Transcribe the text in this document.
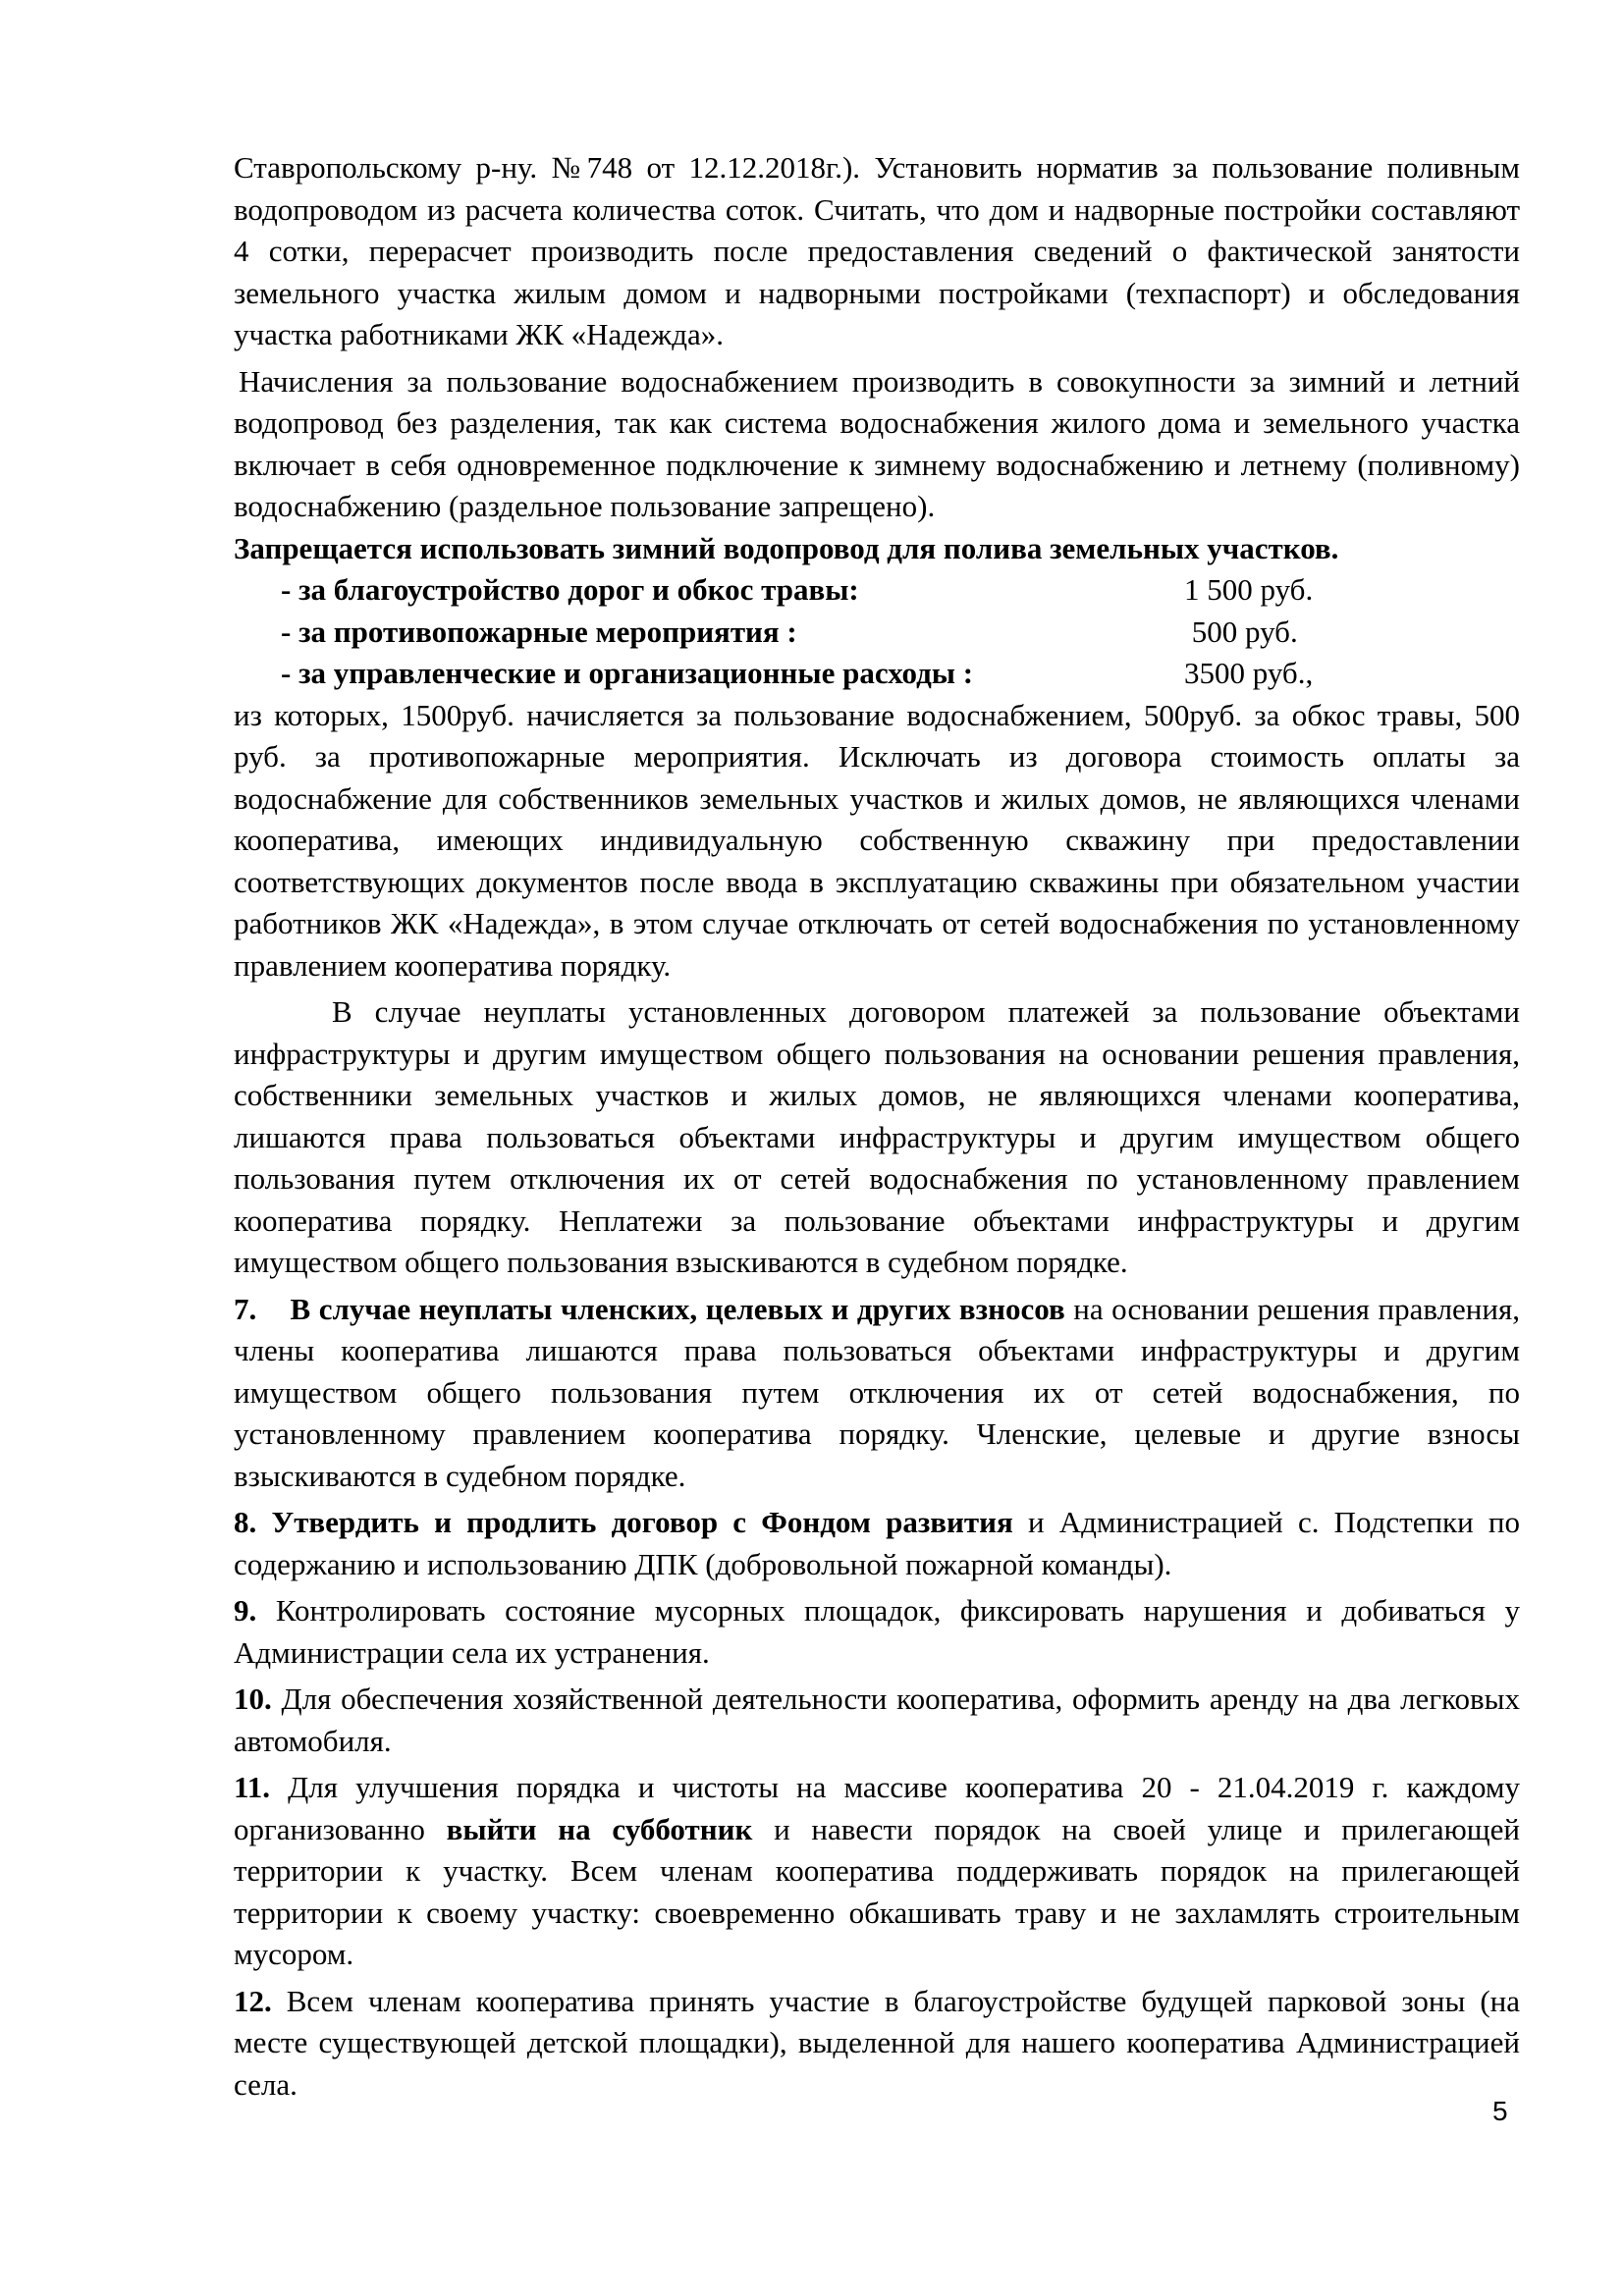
Ставропольскому р-ну. №748 от 12.12.2018г.). Установить норматив за пользование поливным водопроводом из расчета количества соток. Считать, что дом и надворные постройки составляют 4 сотки, перерасчет производить после предоставления сведений о фактической занятости земельного участка жилым домом и надворными постройками (техпаспорт) и обследования участка работниками ЖК «Надежда».

Начисления за пользование водоснабжением производить в совокупности за зимний и летний водопровод без разделения, так как система водоснабжения жилого дома и земельного участка включает в себя одновременное подключение к зимнему водоснабжению и летнему (поливному) водоснабжению (раздельное пользование запрещено).

Запрещается использовать зимний водопровод для полива земельных участков.

- за благоустройство дорог и обкос травы:	1 500 руб.
- за противопожарные мероприятия :	500 руб.
- за управленческие и организационные расходы :	3500 руб.,

из которых, 1500руб. начисляется за пользование водоснабжением, 500руб. за обкос травы, 500 руб. за противопожарные мероприятия. Исключать из договора стоимость оплаты за водоснабжение для собственников земельных участков и жилых домов, не являющихся членами кооператива, имеющих индивидуальную собственную скважину при предоставлении соответствующих документов после ввода в эксплуатацию скважины при обязательном участии работников ЖК «Надежда», в этом случае отключать от сетей водоснабжения по установленному правлением кооператива порядку.

В случае неуплаты установленных договором платежей за пользование объектами инфраструктуры и другим имуществом общего пользования на основании решения правления, собственники земельных участков и жилых домов, не являющихся членами кооператива, лишаются права пользоваться объектами инфраструктуры и другим имуществом общего пользования путем отключения их от сетей водоснабжения по установленному правлением кооператива порядку. Неплатежи за пользование объектами инфраструктуры и другим имуществом общего пользования взыскиваются в судебном порядке.

7. В случае неуплаты членских, целевых и других взносов на основании решения правления, члены кооператива лишаются права пользоваться объектами инфраструктуры и другим имуществом общего пользования путем отключения их от сетей водоснабжения, по установленному правлением кооператива порядку. Членские, целевые и другие взносы взыскиваются в судебном порядке.

8. Утвердить и продлить договор с Фондом развития и Администрацией с. Подстепки по содержанию и использованию ДПК (добровольной пожарной команды).

9. Контролировать состояние мусорных площадок, фиксировать нарушения и добиваться у Администрации села их устранения.

10. Для обеспечения хозяйственной деятельности кооператива, оформить аренду на два легковых автомобиля.

11. Для улучшения порядка и чистоты на массиве кооператива 20 - 21.04.2019 г. каждому организованно выйти на субботник и навести порядок на своей улице и прилегающей территории к участку. Всем членам кооператива поддерживать порядок на прилегающей территории к своему участку: своевременно обкашивать траву и не захламлять строительным мусором.

12. Всем членам кооператива принять участие в благоустройстве будущей парковой зоны (на месте существующей детской площадки), выделенной для нашего кооператива Администрацией села.

5
